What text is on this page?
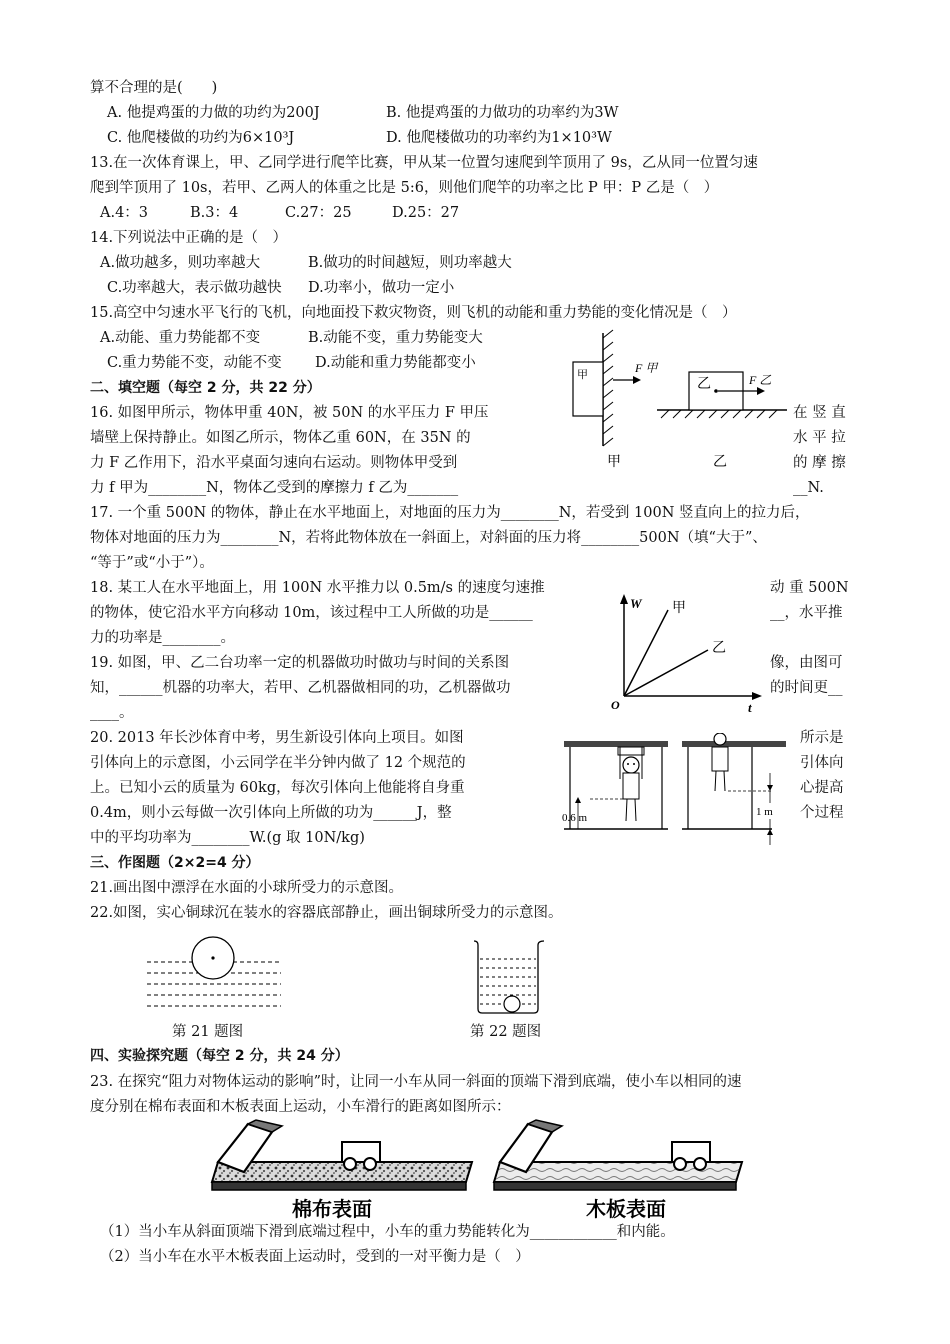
算不合理的是(　　)
A. 他提鸡蛋的力做的功约为200J	B. 他提鸡蛋的力做功的功率约为3W
C. 他爬楼做的功约为6×10³J	D. 他爬楼做功的功率约为1×10³W
13.在一次体育课上，甲、乙同学进行爬竿比赛，甲从某一位置匀速爬到竿顶用了 9s，乙从同一位置匀速
爬到竿顶用了 10s，若甲、乙两人的体重之比是 5:6，则他们爬竿的功率之比 P 甲：P 乙是（　）
A.4：3	B.3：4	C.27：25	D.25：27
14.下列说法中正确的是（　）
A.做功越多，则功率越大	B.做功的时间越短，则功率越大
C.功率越大，表示做功越快 D.功率小，做功一定小
15.高空中匀速水平飞行的飞机，向地面投下救灾物资，则飞机的动能和重力势能的变化情况是（　）
A.动能、重力势能都不变	B.动能不变，重力势能变大
C.重力势能不变，动能不变 D.动能和重力势能都变小
二、填空题（每空 2 分，共 22 分）
16. 如图甲所示，物体甲重 40N，被 50N 的水平压力 F 甲压	在 竖 直
墙壁上保持静止。如图乙所示，物体乙重 60N，在 35N 的	水 平 拉
力 F 乙作用下，沿水平桌面匀速向右运动。则物体甲受到	的 摩 擦
力 f 甲为________N，物体乙受到的摩擦力 f 乙为_______	__N.
甲	F 甲
乙	F 乙
甲	乙
17. 一个重 500N 的物体，静止在水平地面上，对地面的压力为________N，若受到 100N 竖直向上的拉力后，
物体对地面的压力为________N，若将此物体放在一斜面上，对斜面的压力将________500N（填“大于”、
“等于”或“小于”）。
18. 某工人在水平地面上，用 100N 水平推力以 0.5m/s 的速度匀速推	动 重 500N
的物体，使它沿水平方向移动 10m，该过程中工人所做的功是______	__，水平推
力的功率是________。
19. 如图，甲、乙二台功率一定的机器做功时做功与时间的关系图	像，由图可
知，______机器的功率大，若甲、乙机器做相同的功，乙机器做功	的时间更__
____。
W
t
O
甲
乙
20. 2013 年长沙体育中考，男生新设引体向上项目。如图	所示是
引体向上的示意图，小云同学在半分钟内做了 12 个规范的	引体向
上。已知小云的质量为 60kg，每次引体向上他能将自身重	心提高
0.4m，则小云每做一次引体向上所做的功为______J，整	个过程
中的平均功率为________W.(g 取 10N/kg)
0.6 m	1 m
三、作图题（2×2=4 分）
21.画出图中漂浮在水面的小球所受力的示意图。
22.如图，实心铜球沉在装水的容器底部静止，画出铜球所受力的示意图。
第 21 题图	第 22 题图
四、实验探究题（每空 2 分，共 24 分）
23. 在探究“阻力对物体运动的影响”时，让同一小车从同一斜面的顶端下滑到底端，使小车以相同的速
度分别在棉布表面和木板表面上运动，小车滑行的距离如图所示：
棉布表面	木板表面
（1）当小车从斜面顶端下滑到底端过程中，小车的重力势能转化为____________和内能。
（2）当小车在水平木板表面上运动时，受到的一对平衡力是（　）
